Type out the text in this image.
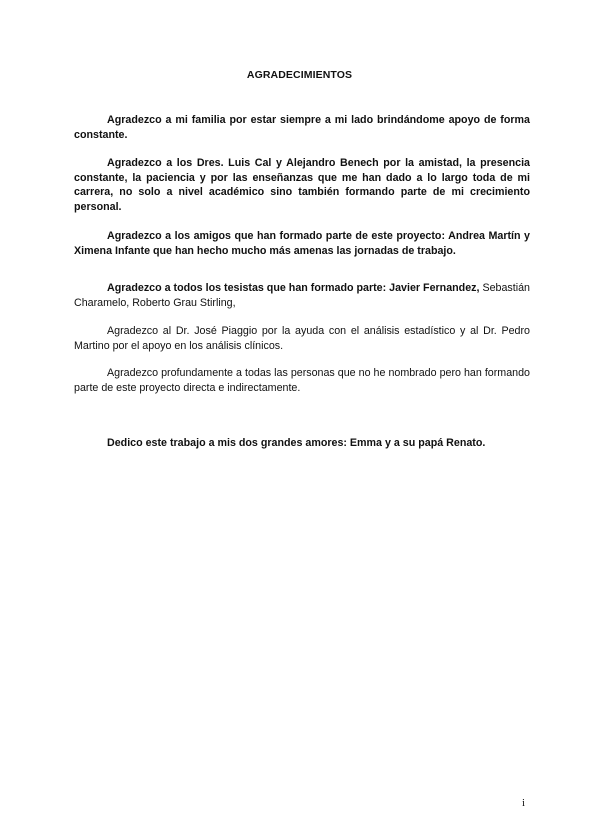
AGRADECIMIENTOS

Agradezco a mi familia por estar siempre a mi lado brindándome apoyo de forma constante.

Agradezco a los Dres. Luis Cal y Alejandro Benech por la amistad, la presencia constante, la paciencia y por las enseñanzas que me han dado a lo largo toda de mi carrera, no solo a nivel académico sino también formando parte de mi crecimiento personal.

Agradezco a los amigos que han formado parte de este proyecto: Andrea Martín y Ximena Infante que han hecho mucho más amenas las jornadas de trabajo.

Agradezco a todos los tesistas que han formado parte: Javier Fernandez, Sebastián Charamelo, Roberto Grau Stirling,

Agradezco al Dr. José Piaggio por la ayuda con el análisis estadístico y al Dr. Pedro Martino por el apoyo en los análisis clínicos.

Agradezco profundamente a todas las personas que no he nombrado pero han formando parte de este proyecto directa e indirectamente.

Dedico este trabajo a mis dos grandes amores: Emma y a su papá Renato.

i
